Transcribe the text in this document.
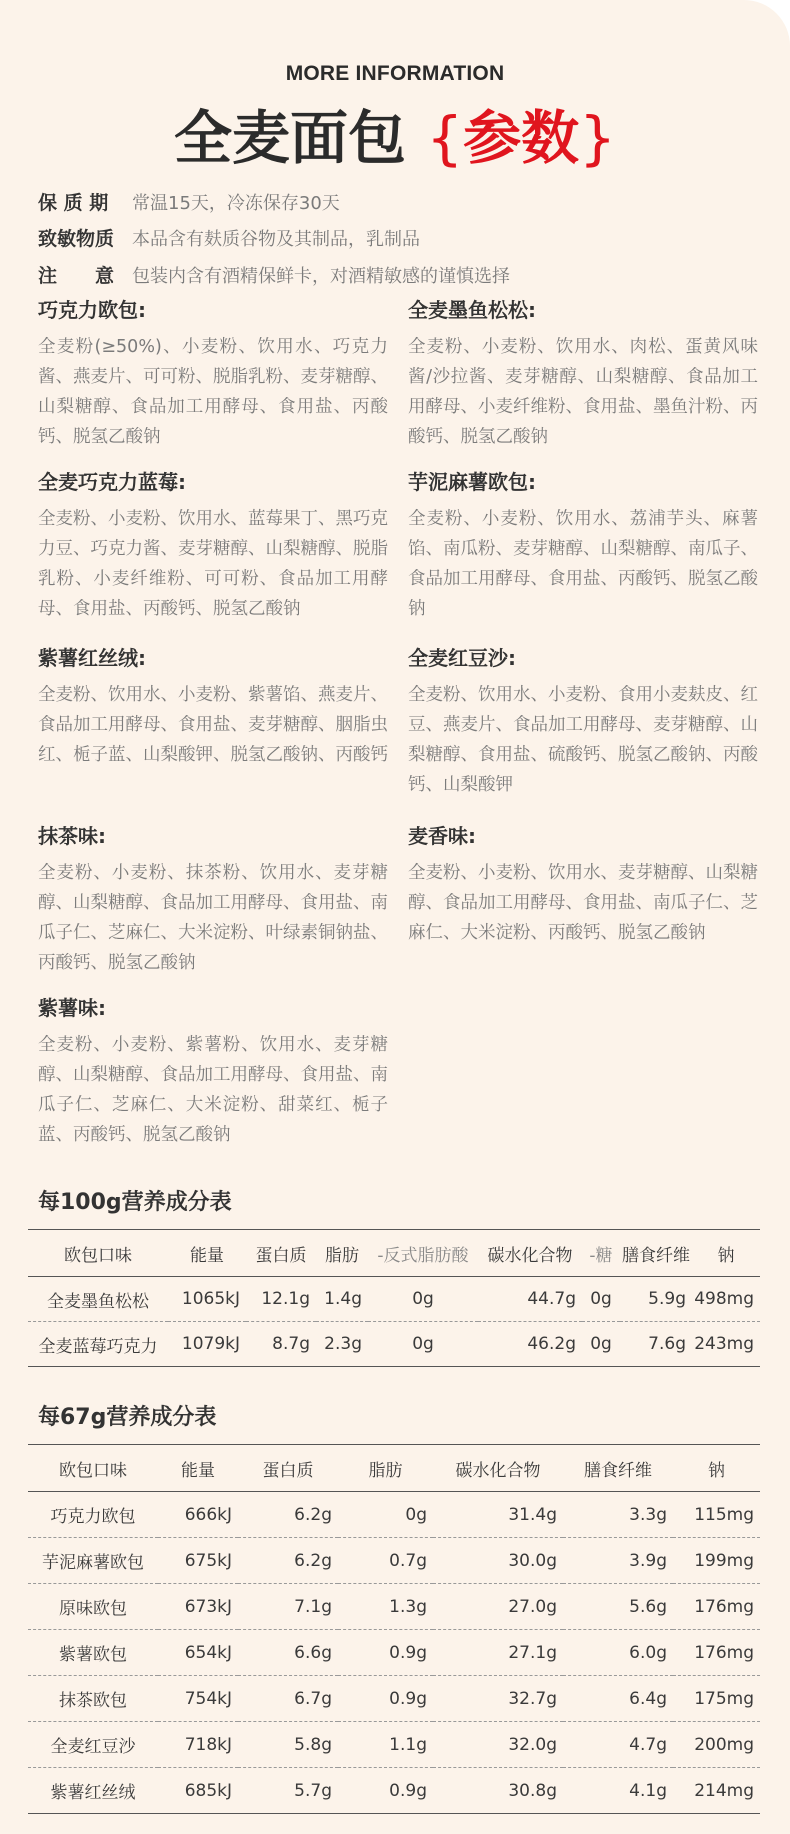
MORE INFORMATION
全麦面包 {参数}
保 质 期 常温15天，冷冻保存30天
致敏物质 本品含有麸质谷物及其制品，乳制品
注　　意 包装内含有酒精保鲜卡，对酒精敏感的谨慎选择
巧克力欧包:

全麦粉(≥50%)、小麦粉、饮用水、巧克力酱、燕麦片、可可粉、脱脂乳粉、麦芽糖醇、山梨糖醇、食品加工用酵母、食用盐、丙酸钙、脱氢乙酸钠

全麦墨鱼松松:

全麦粉、小麦粉、饮用水、肉松、蛋黄风味酱/沙拉酱、麦芽糖醇、山梨糖醇、食品加工用酵母、小麦纤维粉、食用盐、墨鱼汁粉、丙酸钙、脱氢乙酸钠

全麦巧克力蓝莓:

全麦粉、小麦粉、饮用水、蓝莓果丁、黑巧克力豆、巧克力酱、麦芽糖醇、山梨糖醇、脱脂乳粉、小麦纤维粉、可可粉、食品加工用酵母、食用盐、丙酸钙、脱氢乙酸钠

芋泥麻薯欧包:

全麦粉、小麦粉、饮用水、荔浦芋头、麻薯馅、南瓜粉、麦芽糖醇、山梨糖醇、南瓜子、食品加工用酵母、食用盐、丙酸钙、脱氢乙酸钠

紫薯红丝绒:

全麦粉、饮用水、小麦粉、紫薯馅、燕麦片、食品加工用酵母、食用盐、麦芽糖醇、胭脂虫红、栀子蓝、山梨酸钾、脱氢乙酸钠、丙酸钙

全麦红豆沙:

全麦粉、饮用水、小麦粉、食用小麦麸皮、红豆、燕麦片、食品加工用酵母、麦芽糖醇、山梨糖醇、食用盐、硫酸钙、脱氢乙酸钠、丙酸钙、山梨酸钾

抹茶味:

全麦粉、小麦粉、抹茶粉、饮用水、麦芽糖醇、山梨糖醇、食品加工用酵母、食用盐、南瓜子仁、芝麻仁、大米淀粉、叶绿素铜钠盐、丙酸钙、脱氢乙酸钠

麦香味:

全麦粉、小麦粉、饮用水、麦芽糖醇、山梨糖醇、食品加工用酵母、食用盐、南瓜子仁、芝麻仁、大米淀粉、丙酸钙、脱氢乙酸钠

紫薯味:

全麦粉、小麦粉、紫薯粉、饮用水、麦芽糖醇、山梨糖醇、食品加工用酵母、食用盐、南瓜子仁、芝麻仁、大米淀粉、甜菜红、栀子蓝、丙酸钙、脱氢乙酸钠

每100g营养成分表
欧包口味	能量	蛋白质	脂肪	-反式脂肪酸	碳水化合物	-糖	膳食纤维	钠
全麦墨鱼松松	1065kJ	12.1g	1.4g	0g	44.7g	0g	5.9g	498mg
全麦蓝莓巧克力	1079kJ	8.7g	2.3g	0g	46.2g	0g	7.6g	243mg
每67g营养成分表
欧包口味	能量	蛋白质	脂肪	碳水化合物	膳食纤维	钠
巧克力欧包	666kJ	6.2g	0g	31.4g	3.3g	115mg
芋泥麻薯欧包	675kJ	6.2g	0.7g	30.0g	3.9g	199mg
原味欧包	673kJ	7.1g	1.3g	27.0g	5.6g	176mg
紫薯欧包	654kJ	6.6g	0.9g	27.1g	6.0g	176mg
抹茶欧包	754kJ	6.7g	0.9g	32.7g	6.4g	175mg
全麦红豆沙	718kJ	5.8g	1.1g	32.0g	4.7g	200mg
紫薯红丝绒	685kJ	5.7g	0.9g	30.8g	4.1g	214mg
